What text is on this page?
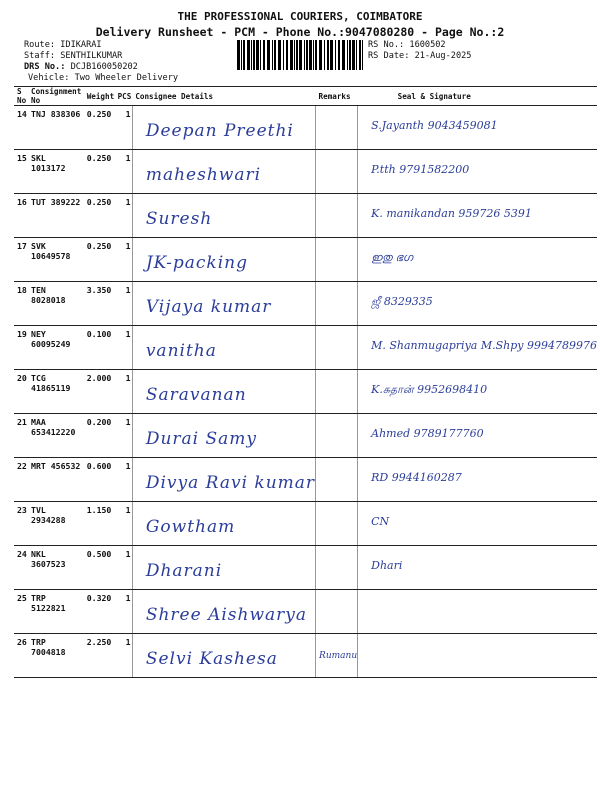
THE PROFESSIONAL COURIERS, COIMBATORE
Delivery Runsheet - PCM - Phone No.:9047080280 - Page No.:2
Route: IDIKARAI
Staff: SENTHILKUMAR
DRS No.: DCJB160050202
Vehicle: Two Wheeler Delivery
RS No.: 1600502
RS Date: 21-Aug-2025
S No	Consignment No	Weight	PCS	Consignee Details	Remarks	Seal & Signature
14	TNJ 838306	0.250	1	Deepan Preethi		S.Jayanth 9043459081
15	SKL 1013172	0.250	1	maheshwari		P.tth 9791582200
16	TUT 389222	0.250	1	Suresh		K. manikandan 959726 5391
17	SVK 10649578	0.250	1	JK-packing		ഇതു ഭഗ
18	TEN 8028018	3.350	1	Vijaya kumar		ஜீ 8329335
19	NEY 60095249	0.100	1	vanitha		M. Shanmugapriya M.Shpy 9994789976
20	TCG 41865119	2.000	1	Saravanan		K.சுதான் 9952698410
21	MAA 653412220	0.200	1	Durai Samy		Ahmed 9789177760
22	MRT 456532	0.600	1	Divya Ravi kumar		RD 9944160287
23	TVL 2934288	1.150	1	Gowtham		CN
24	NKL 3607523	0.500	1	Dharani		Dhari
25	TRP 5122821	0.320	1	Shree Aishwarya		
26	TRP 7004818	2.250	1	Selvi Kashesa	Rumanu	
